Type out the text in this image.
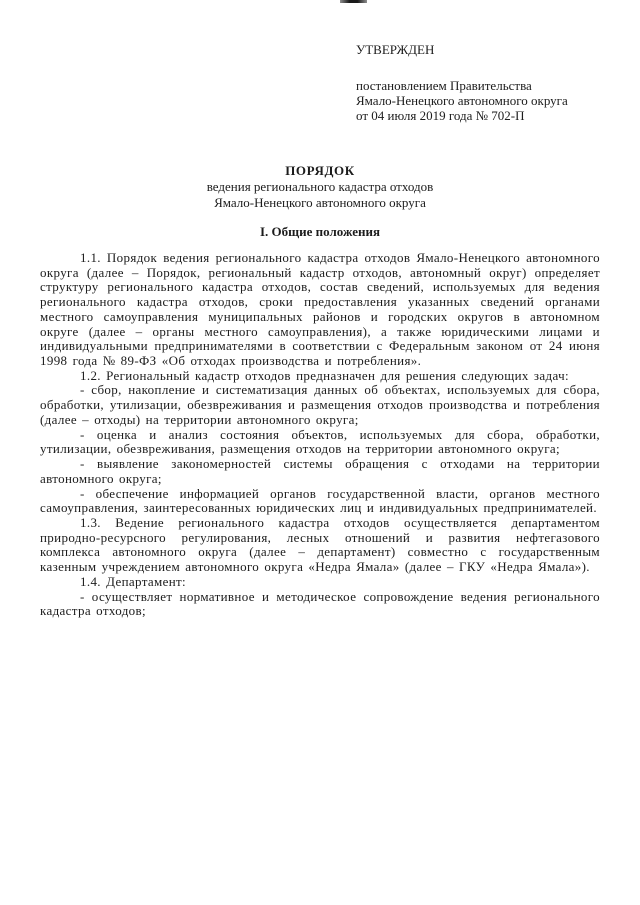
УТВЕРЖДЕН
постановлением Правительства
Ямало-Ненецкого автономного округа
от 04 июля 2019 года № 702-П
ПОРЯДОК
ведения регионального кадастра отходов
Ямало-Ненецкого автономного округа
I. Общие положения

1.1. Порядок ведения регионального кадастра отходов Ямало-Ненецкого автономного округа (далее – Порядок, региональный кадастр отходов, автономный округ) определяет структуру регионального кадастра отходов, состав сведений, используемых для ведения регионального кадастра отходов, сроки предоставления указанных сведений органами местного самоуправления муниципальных районов и городских округов в автономном округе (далее – органы местного самоуправления), а также юридическими лицами и индивидуальными предпринимателями в соответствии с Федеральным законом от 24 июня 1998 года № 89-ФЗ «Об отходах производства и потребления».

1.2. Региональный кадастр отходов предназначен для решения следующих задач:

- сбор, накопление и систематизация данных об объектах, используемых для сбора, обработки, утилизации, обезвреживания и размещения отходов производства и потребления (далее – отходы) на территории автономного округа;

- оценка и анализ состояния объектов, используемых для сбора, обработки, утилизации, обезвреживания, размещения отходов на территории автономного округа;

- выявление закономерностей системы обращения с отходами на территории автономного округа;

- обеспечение информацией органов государственной власти, органов местного самоуправления, заинтересованных юридических лиц и индивидуальных предпринимателей.

1.3. Ведение регионального кадастра отходов осуществляется департаментом природно-ресурсного регулирования, лесных отношений и развития нефтегазового комплекса автономного округа (далее – департамент) совместно с государственным казенным учреждением автономного округа «Недра Ямала» (далее – ГКУ «Недра Ямала»).

1.4. Департамент:

- осуществляет нормативное и методическое сопровождение ведения регионального кадастра отходов;
